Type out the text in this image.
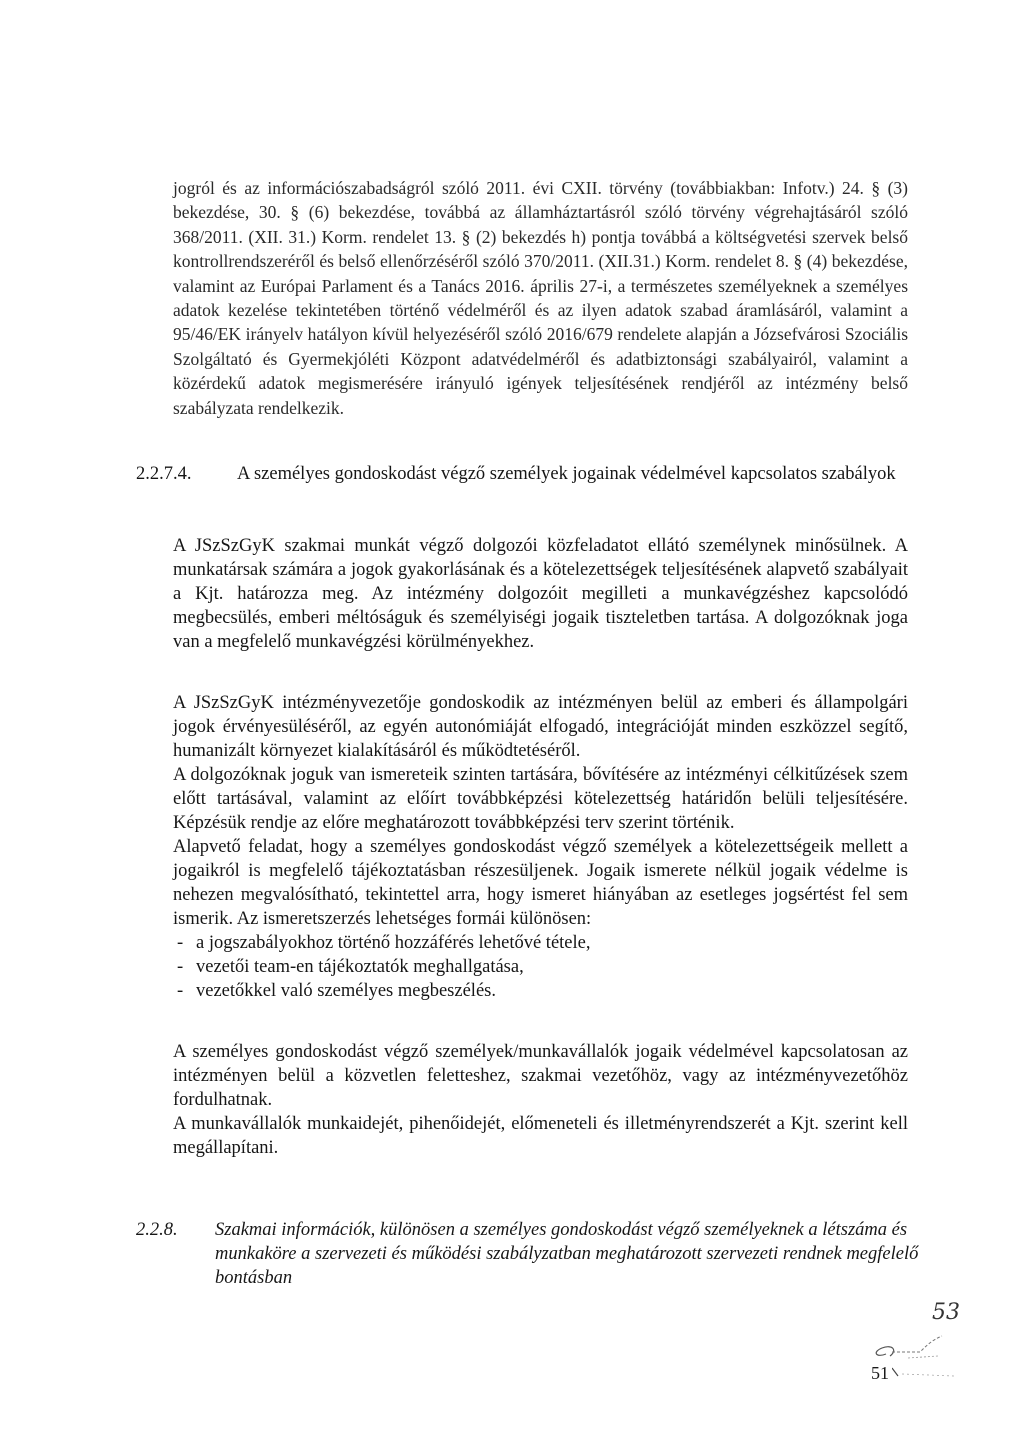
jogról és az információszabadságról szóló 2011. évi CXII. törvény (továbbiakban: Infotv.) 24. § (3) bekezdése, 30. § (6) bekezdése, továbbá az államháztartásról szóló törvény végrehajtásáról szóló 368/2011. (XII. 31.) Korm. rendelet 13. § (2) bekezdés h) pontja továbbá a költségvetési szervek belső kontrollrendszeréről és belső ellenőrzéséről szóló 370/2011. (XII.31.) Korm. rendelet 8. § (4) bekezdése, valamint az Európai Parlament és a Tanács 2016. április 27-i, a természetes személyeknek a személyes adatok kezelése tekintetében történő védelméről és az ilyen adatok szabad áramlásáról, valamint a 95/46/EK irányelv hatályon kívül helyezéséről szóló 2016/679 rendelete alapján a Józsefvárosi Szociális Szolgáltató és Gyermekjóléti Központ adatvédelméről és adatbiztonsági szabályairól, valamint a közérdekű adatok megismerésére irányuló igények teljesítésének rendjéről az intézmény belső szabályzata rendelkezik.

2.2.7.4. A személyes gondoskodást végző személyek jogainak védelmével kapcsolatos szabályok

A JSzSzGyK szakmai munkát végző dolgozói közfeladatot ellátó személynek minősülnek. A munkatársak számára a jogok gyakorlásának és a kötelezettségek teljesítésének alapvető szabályait a Kjt. határozza meg. Az intézmény dolgozóit megilleti a munkavégzéshez kapcsolódó megbecsülés, emberi méltóságuk és személyiségi jogaik tiszteletben tartása. A dolgozóknak joga van a megfelelő munkavégzési körülményekhez.

A JSzSzGyK intézményvezetője gondoskodik az intézményen belül az emberi és állampolgári jogok érvényesüléséről, az egyén autonómiáját elfogadó, integrációját minden eszközzel segítő, humanizált környezet kialakításáról és működtetéséről.

A dolgozóknak joguk van ismereteik szinten tartására, bővítésére az intézményi célkitűzések szem előtt tartásával, valamint az előírt továbbképzési kötelezettség határidőn belüli teljesítésére. Képzésük rendje az előre meghatározott továbbképzési terv szerint történik.

Alapvető feladat, hogy a személyes gondoskodást végző személyek a kötelezettségeik mellett a jogaikról is megfelelő tájékoztatásban részesüljenek. Jogaik ismerete nélkül jogaik védelme is nehezen megvalósítható, tekintettel arra, hogy ismeret hiányában az esetleges jogsértést fel sem ismerik. Az ismeretszerzés lehetséges formái különösen:

- a jogszabályokhoz történő hozzáférés lehetővé tétele,
- vezetői team-en tájékoztatók meghallgatása,
- vezetőkkel való személyes megbeszélés.

A személyes gondoskodást végző személyek/munkavállalók jogaik védelmével kapcsolatosan az intézményen belül a közvetlen feletteshez, szakmai vezetőhöz, vagy az intézményvezetőhöz fordulhatnak.

A munkavállalók munkaidejét, pihenőidejét, előmeneteli és illetményrendszerét a Kjt. szerint kell megállapítani.

2.2.8. Szakmai információk, különösen a személyes gondoskodást végző személyeknek a létszáma és munkaköre a szervezeti és működési szabályzatban meghatározott szervezeti rendnek megfelelő bontásban
53
51
